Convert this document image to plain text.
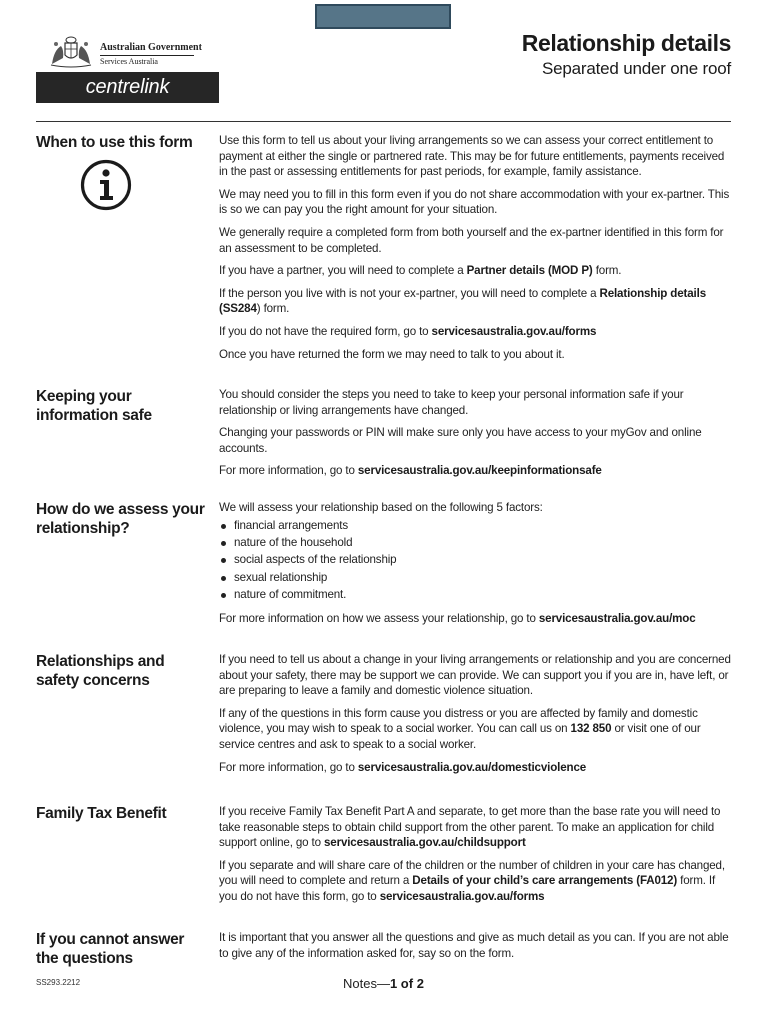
Australian Government
Services Australia
centrelink
Relationship details
Separated under one roof
When to use this form	Use this form to tell us about your living arrangements so we can assess your correct entitlement to payment at either the single or partnered rate. This may be for future entitlements, payments received in the past or assessing entitlements for past periods, for example, family assistance.

We may need you to fill in this form even if you do not share accommodation with your ex-partner. This is so we can pay you the right amount for your situation.

We generally require a completed form from both yourself and the ex-partner identified in this form for an assessment to be completed.

If you have a partner, you will need to complete a Partner details (MOD P) form.

If the person you live with is not your ex-partner, you will need to complete a Relationship details (SS284) form.

If you do not have the required form, go to servicesaustralia.gov.au/forms

Once you have returned the form we may need to talk to you about it.

Keeping your information safe

You should consider the steps you need to take to keep your personal information safe if your relationship or living arrangements have changed.

Changing your passwords or PIN will make sure only you have access to your myGov and online accounts.

For more information, go to servicesaustralia.gov.au/keepinformationsafe

How do we assess your relationship?

We will assess your relationship based on the following 5 factors:

financial arrangements
nature of the household
social aspects of the relationship
sexual relationship
nature of commitment.

For more information on how we assess your relationship, go to servicesaustralia.gov.au/moc

Relationships and safety concerns

If you need to tell us about a change in your living arrangements or relationship and you are concerned about your safety, there may be support we can provide. We can support you if you are in, have left, or are preparing to leave a family and domestic violence situation.

If any of the questions in this form cause you distress or you are affected by family and domestic violence, you may wish to speak to a social worker. You can call us on 132 850 or visit one of our service centres and ask to speak to a social worker.

For more information, go to servicesaustralia.gov.au/domesticviolence

Family Tax Benefit	If you receive Family Tax Benefit Part A and separate, to get more than the base rate you will need to take reasonable steps to obtain child support from the other parent. To make an application for child support online, go to servicesaustralia.gov.au/childsupport

If you separate and will share care of the children or the number of children in your care has changed, you will need to complete and return a Details of your child’s care arrangements (FA012) form. If you do not have this form, go to servicesaustralia.gov.au/forms

If you cannot answer the questions

It is important that you answer all the questions and give as much detail as you can. If you are not able to give any of the information asked for, say so on the form.

SS293.2212	Notes—1 of 2
